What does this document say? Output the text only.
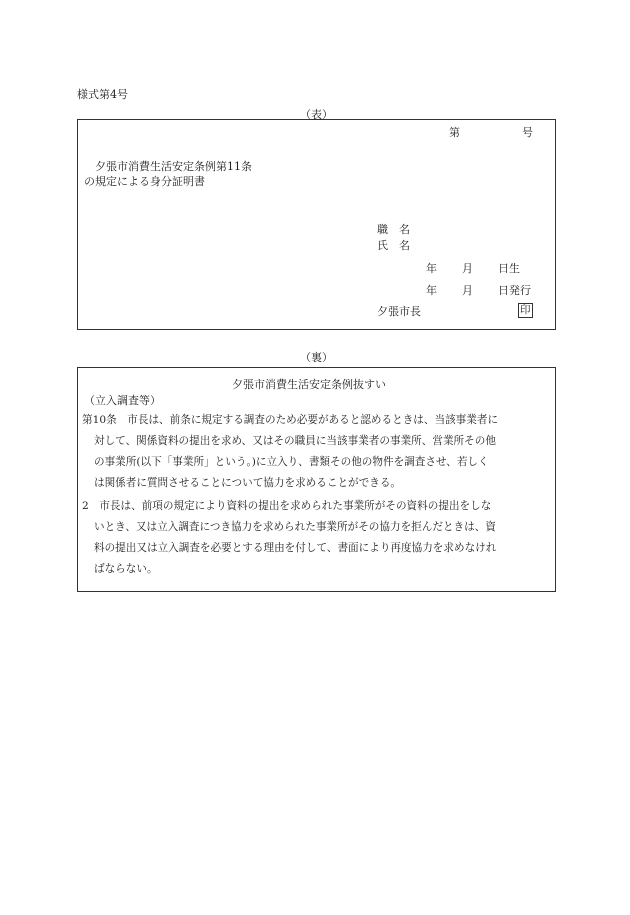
様式第4号
（表）
第	号
夕張市消費生活安定条例第11条
の規定による身分証明書
職　名
氏　名
年 月 日生
年 月 日発行
夕張市長	印
（裏）
夕張市消費生活安定条例抜すい
（立入調査等）
第10条　市長は、前条に規定する調査のため必要があると認めるときは、当該事業者に
対して、関係資料の提出を求め、又はその職員に当該事業者の事業所、営業所その他
の事業所(以下「事業所」という。)に立入り、書類その他の物件を調査させ、若しく
は関係者に質問させることについて協力を求めることができる。
2　市長は、前項の規定により資料の提出を求められた事業所がその資料の提出をしな
いとき、又は立入調査につき協力を求められた事業所がその協力を拒んだときは、資
料の提出又は立入調査を必要とする理由を付して、書面により再度協力を求めなけれ
ばならない。
